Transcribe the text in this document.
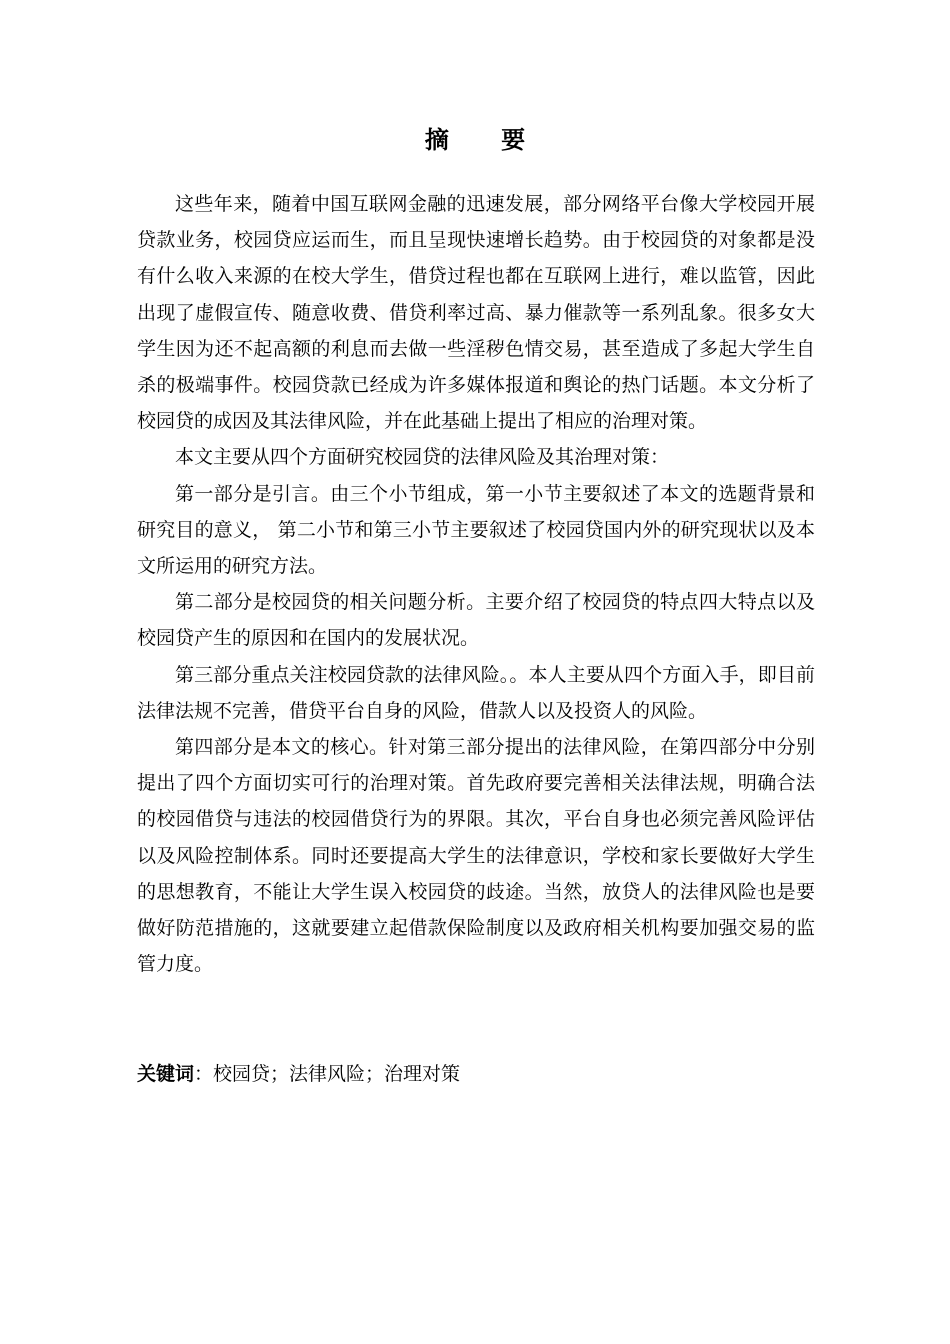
摘 要

这些年来，随着中国互联网金融的迅速发展，部分网络平台像大学校园开展贷款业务，校园贷应运而生，而且呈现快速增长趋势。由于校园贷的对象都是没有什么收入来源的在校大学生，借贷过程也都在互联网上进行，难以监管，因此出现了虚假宣传、随意收费、借贷利率过高、暴力催款等一系列乱象。很多女大学生因为还不起高额的利息而去做一些淫秽色情交易，甚至造成了多起大学生自杀的极端事件。校园贷款已经成为许多媒体报道和舆论的热门话题。本文分析了校园贷的成因及其法律风险，并在此基础上提出了相应的治理对策。

本文主要从四个方面研究校园贷的法律风险及其治理对策：

第一部分是引言。由三个小节组成，第一小节主要叙述了本文的选题背景和研究目的意义， 第二小节和第三小节主要叙述了校园贷国内外的研究现状以及本文所运用的研究方法。

第二部分是校园贷的相关问题分析。主要介绍了校园贷的特点四大特点以及校园贷产生的原因和在国内的发展状况。

第三部分重点关注校园贷款的法律风险。。本人主要从四个方面入手，即目前法律法规不完善，借贷平台自身的风险，借款人以及投资人的风险。

第四部分是本文的核心。针对第三部分提出的法律风险，在第四部分中分别提出了四个方面切实可行的治理对策。首先政府要完善相关法律法规，明确合法的校园借贷与违法的校园借贷行为的界限。其次，平台自身也必须完善风险评估以及风险控制体系。同时还要提高大学生的法律意识，学校和家长要做好大学生的思想教育，不能让大学生误入校园贷的歧途。当然，放贷人的法律风险也是要做好防范措施的，这就要建立起借款保险制度以及政府相关机构要加强交易的监管力度。

关键词：校园贷；法律风险；治理对策
